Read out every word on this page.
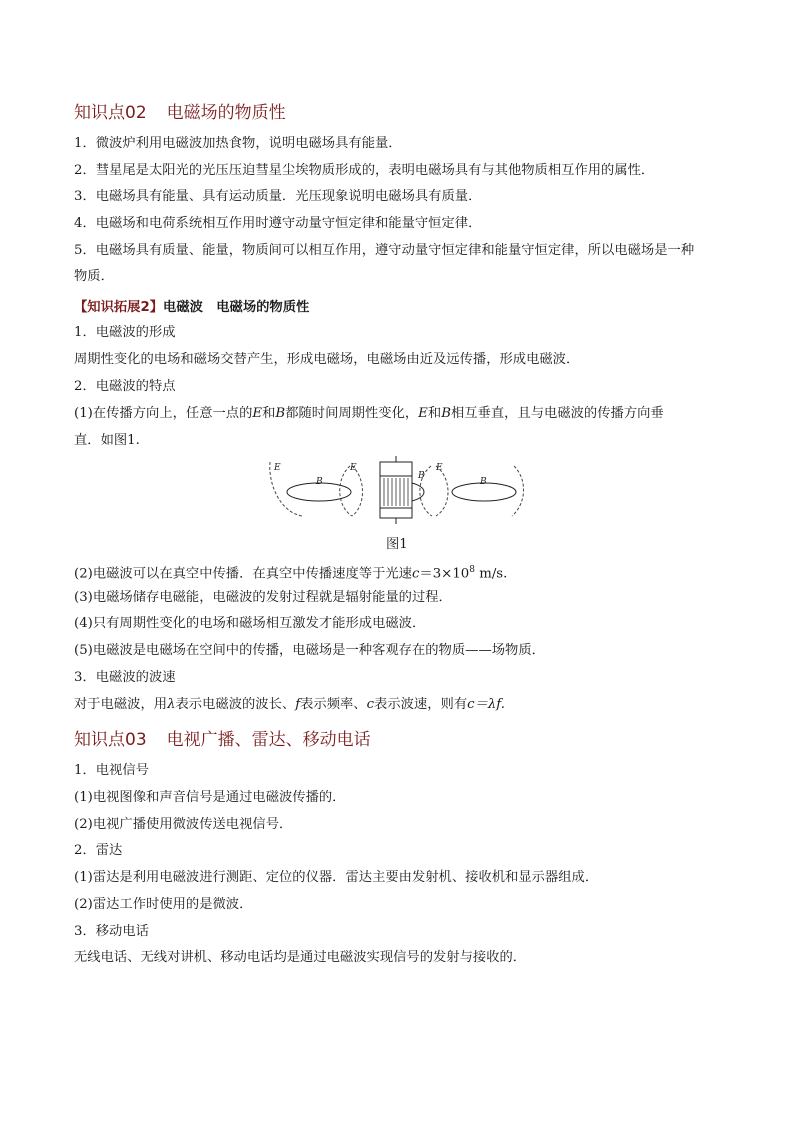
知识点02 电磁场的物质性
1．微波炉利用电磁波加热食物，说明电磁场具有能量．
2．彗星尾是太阳光的光压压迫彗星尘埃物质形成的，表明电磁场具有与其他物质相互作用的属性．
3．电磁场具有能量、具有运动质量．光压现象说明电磁场具有质量．
4．电磁场和电荷系统相互作用时遵守动量守恒定律和能量守恒定律．
5．电磁场具有质量、能量，物质间可以相互作用，遵守动量守恒定律和能量守恒定律，所以电磁场是一种
物质．
【知识拓展2】电磁波　电磁场的物质性
1．电磁波的形成
周期性变化的电场和磁场交替产生，形成电磁场，电磁场由近及远传播，形成电磁波．
2．电磁波的特点
(1)在传播方向上，任意一点的E和B都随时间周期性变化，E和B相互垂直，且与电磁波的传播方向垂
直．如图1.
E
B
E
B
E
B
图1
(2)电磁波可以在真空中传播．在真空中传播速度等于光速$c=3\times 10^8$ m/s.
(3)电磁场储存电磁能，电磁波的发射过程就是辐射能量的过程．
(4)只有周期性变化的电场和磁场相互激发才能形成电磁波．
(5)电磁波是电磁场在空间中的传播，电磁场是一种客观存在的物质——场物质．
3．电磁波的波速
对于电磁波，用λ表示电磁波的波长、f表示频率、c表示波速，则有c＝λf.
知识点03 电视广播、雷达、移动电话
1．电视信号
(1)电视图像和声音信号是通过电磁波传播的．
(2)电视广播使用微波传送电视信号．
2．雷达
(1)雷达是利用电磁波进行测距、定位的仪器．雷达主要由发射机、接收机和显示器组成．
(2)雷达工作时使用的是微波．
3．移动电话
无线电话、无线对讲机、移动电话均是通过电磁波实现信号的发射与接收的．
